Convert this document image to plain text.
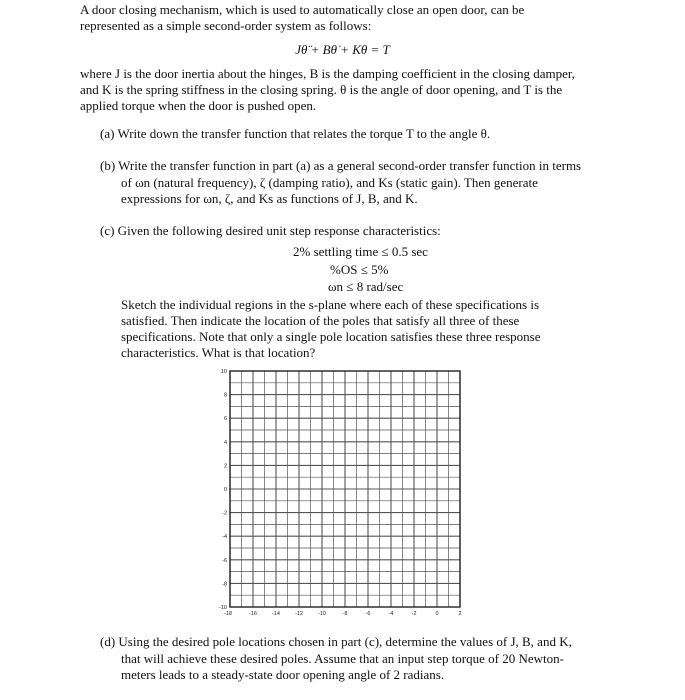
A door closing mechanism, which is used to automatically close an open door, can be

represented as a simple second-order system as follows:

Jθ̈ + Bθ̇ + Kθ = T

where J is the door inertia about the hinges, B is the damping coefficient in the closing damper,

and K is the spring stiffness in the closing spring. θ is the angle of door opening, and T is the

applied torque when the door is pushed open.

(a) Write down the transfer function that relates the torque T to the angle θ.

(b) Write the transfer function in part (a) as a general second-order transfer function in terms

of ωn (natural frequency), ζ (damping ratio), and Ks (static gain). Then generate

expressions for ωn, ζ, and Ks as functions of J, B, and K.

(c) Given the following desired unit step response characteristics:

2% settling time ≤ 0.5 sec

%OS ≤ 5%

ωn ≤ 8 rad/sec

Sketch the individual regions in the s-plane where each of these specifications is

satisfied. Then indicate the location of the poles that satisfy all three of these

specifications. Note that only a single pole location satisfies these three response

characteristics. What is that location?

10
8
6
4
2
0
-2
-4
-6
-8
-10
-18	-16	-14	-12	-10	-8	-6	-4	-2	0	2

(d) Using the desired pole locations chosen in part (c), determine the values of J, B, and K,

that will achieve these desired poles. Assume that an input step torque of 20 Newton-

meters leads to a steady-state door opening angle of 2 radians.
